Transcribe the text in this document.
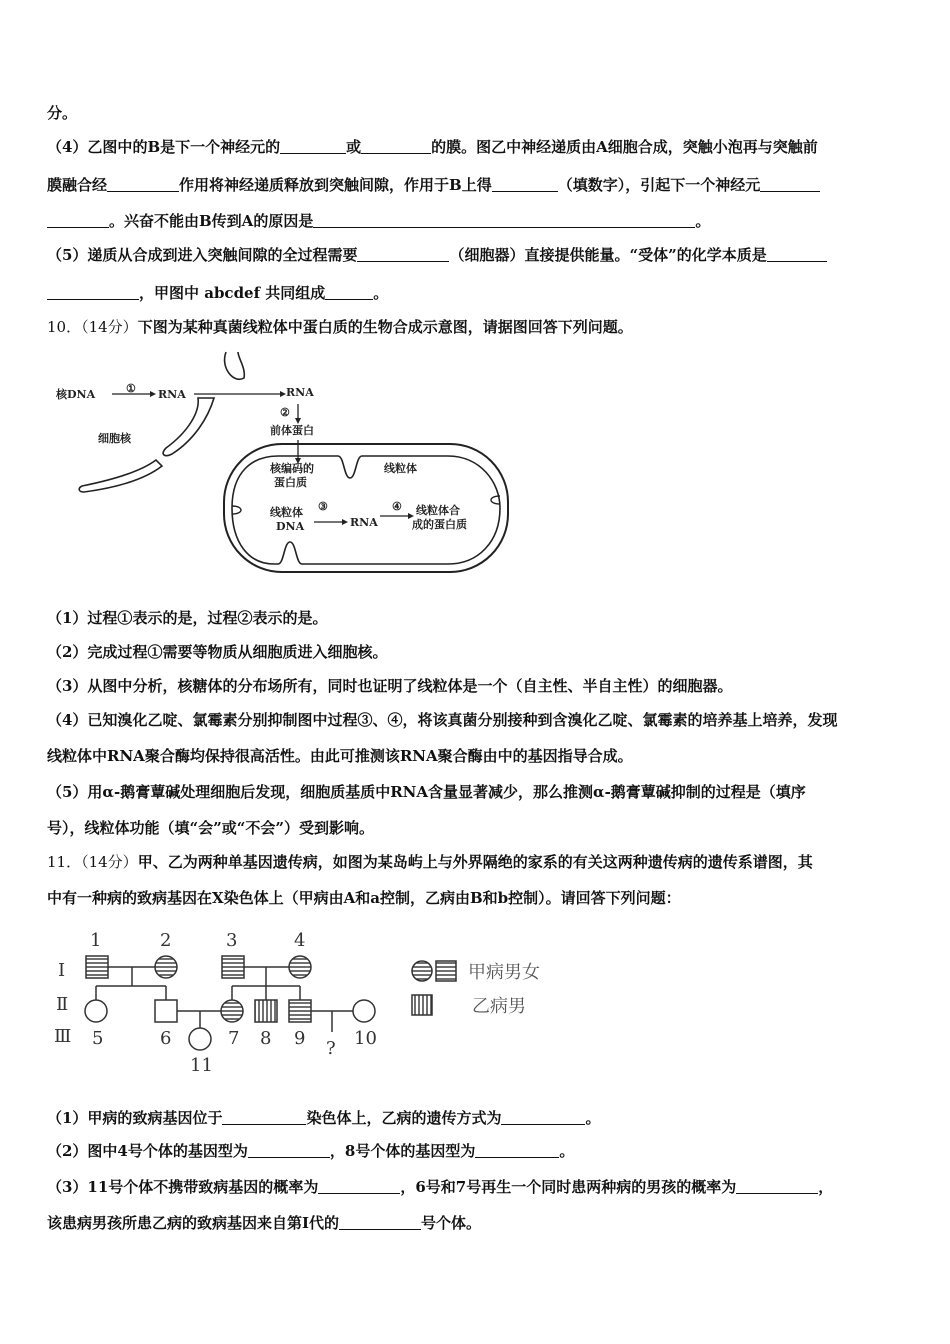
分。
（4）乙图中的B是下一个神经元的	或	的膜。图乙中神经递质由A细胞合成，突触小泡再与突触前
膜融合经	作用将神经递质释放到突触间隙，作用于B上得	（填数字），引起下一个神经元
。兴奋不能由B传到A的原因是	。
（5）递质从合成到进入突触间隙的全过程需要	（细胞器）直接提供能量。“受体”的化学本质是
，甲图中 abcdef 共同组成	。
10．（14分）下图为某种真菌线粒体中蛋白质的生物合成示意图，请据图回答下列问题。
核DNA	① RNA	RNA
②
前体蛋白
细胞核
核编码的
蛋白质
线粒体
线粒体
DNA
③
RNA
④ 线粒体合
成的蛋白质
（1）过程①表示的是，过程②表示的是。
（2）完成过程①需要等物质从细胞质进入细胞核。
（3）从图中分析，核糖体的分布场所有，同时也证明了线粒体是一个（自主性、半自主性）的细胞器。
（4）已知溴化乙啶、氯霉素分别抑制图中过程③、④，将该真菌分别接种到含溴化乙啶、氯霉素的培养基上培养，发现
线粒体中RNA聚合酶均保持很高活性。由此可推测该RNA聚合酶由中的基因指导合成。
（5）用α-鹅膏蕈碱处理细胞后发现，细胞质基质中RNA含量显著减少，那么推测α-鹅膏蕈碱抑制的过程是（填序
号），线粒体功能（填“会”或“不会”）受到影响。
11．（14分）甲、乙为两种单基因遗传病，如图为某岛屿上与外界隔绝的家系的有关这两种遗传病的遗传系谱图，其
中有一种病的致病基因在X染色体上（甲病由A和a控制，乙病由B和b控制）。请回答下列问题：
Ⅰ
Ⅱ
Ⅲ
1	2	3	4
5	6	7 8 9 ? 10
11
甲病男女
乙病男
（1）甲病的致病基因位于	染色体上，乙病的遗传方式为	。
（2）图中4号个体的基因型为	，8号个体的基因型为	。
（3）11号个体不携带致病基因的概率为	，6号和7号再生一个同时患两种病的男孩的概率为	，
该患病男孩所患乙病的致病基因来自第Ⅰ代的	号个体。
